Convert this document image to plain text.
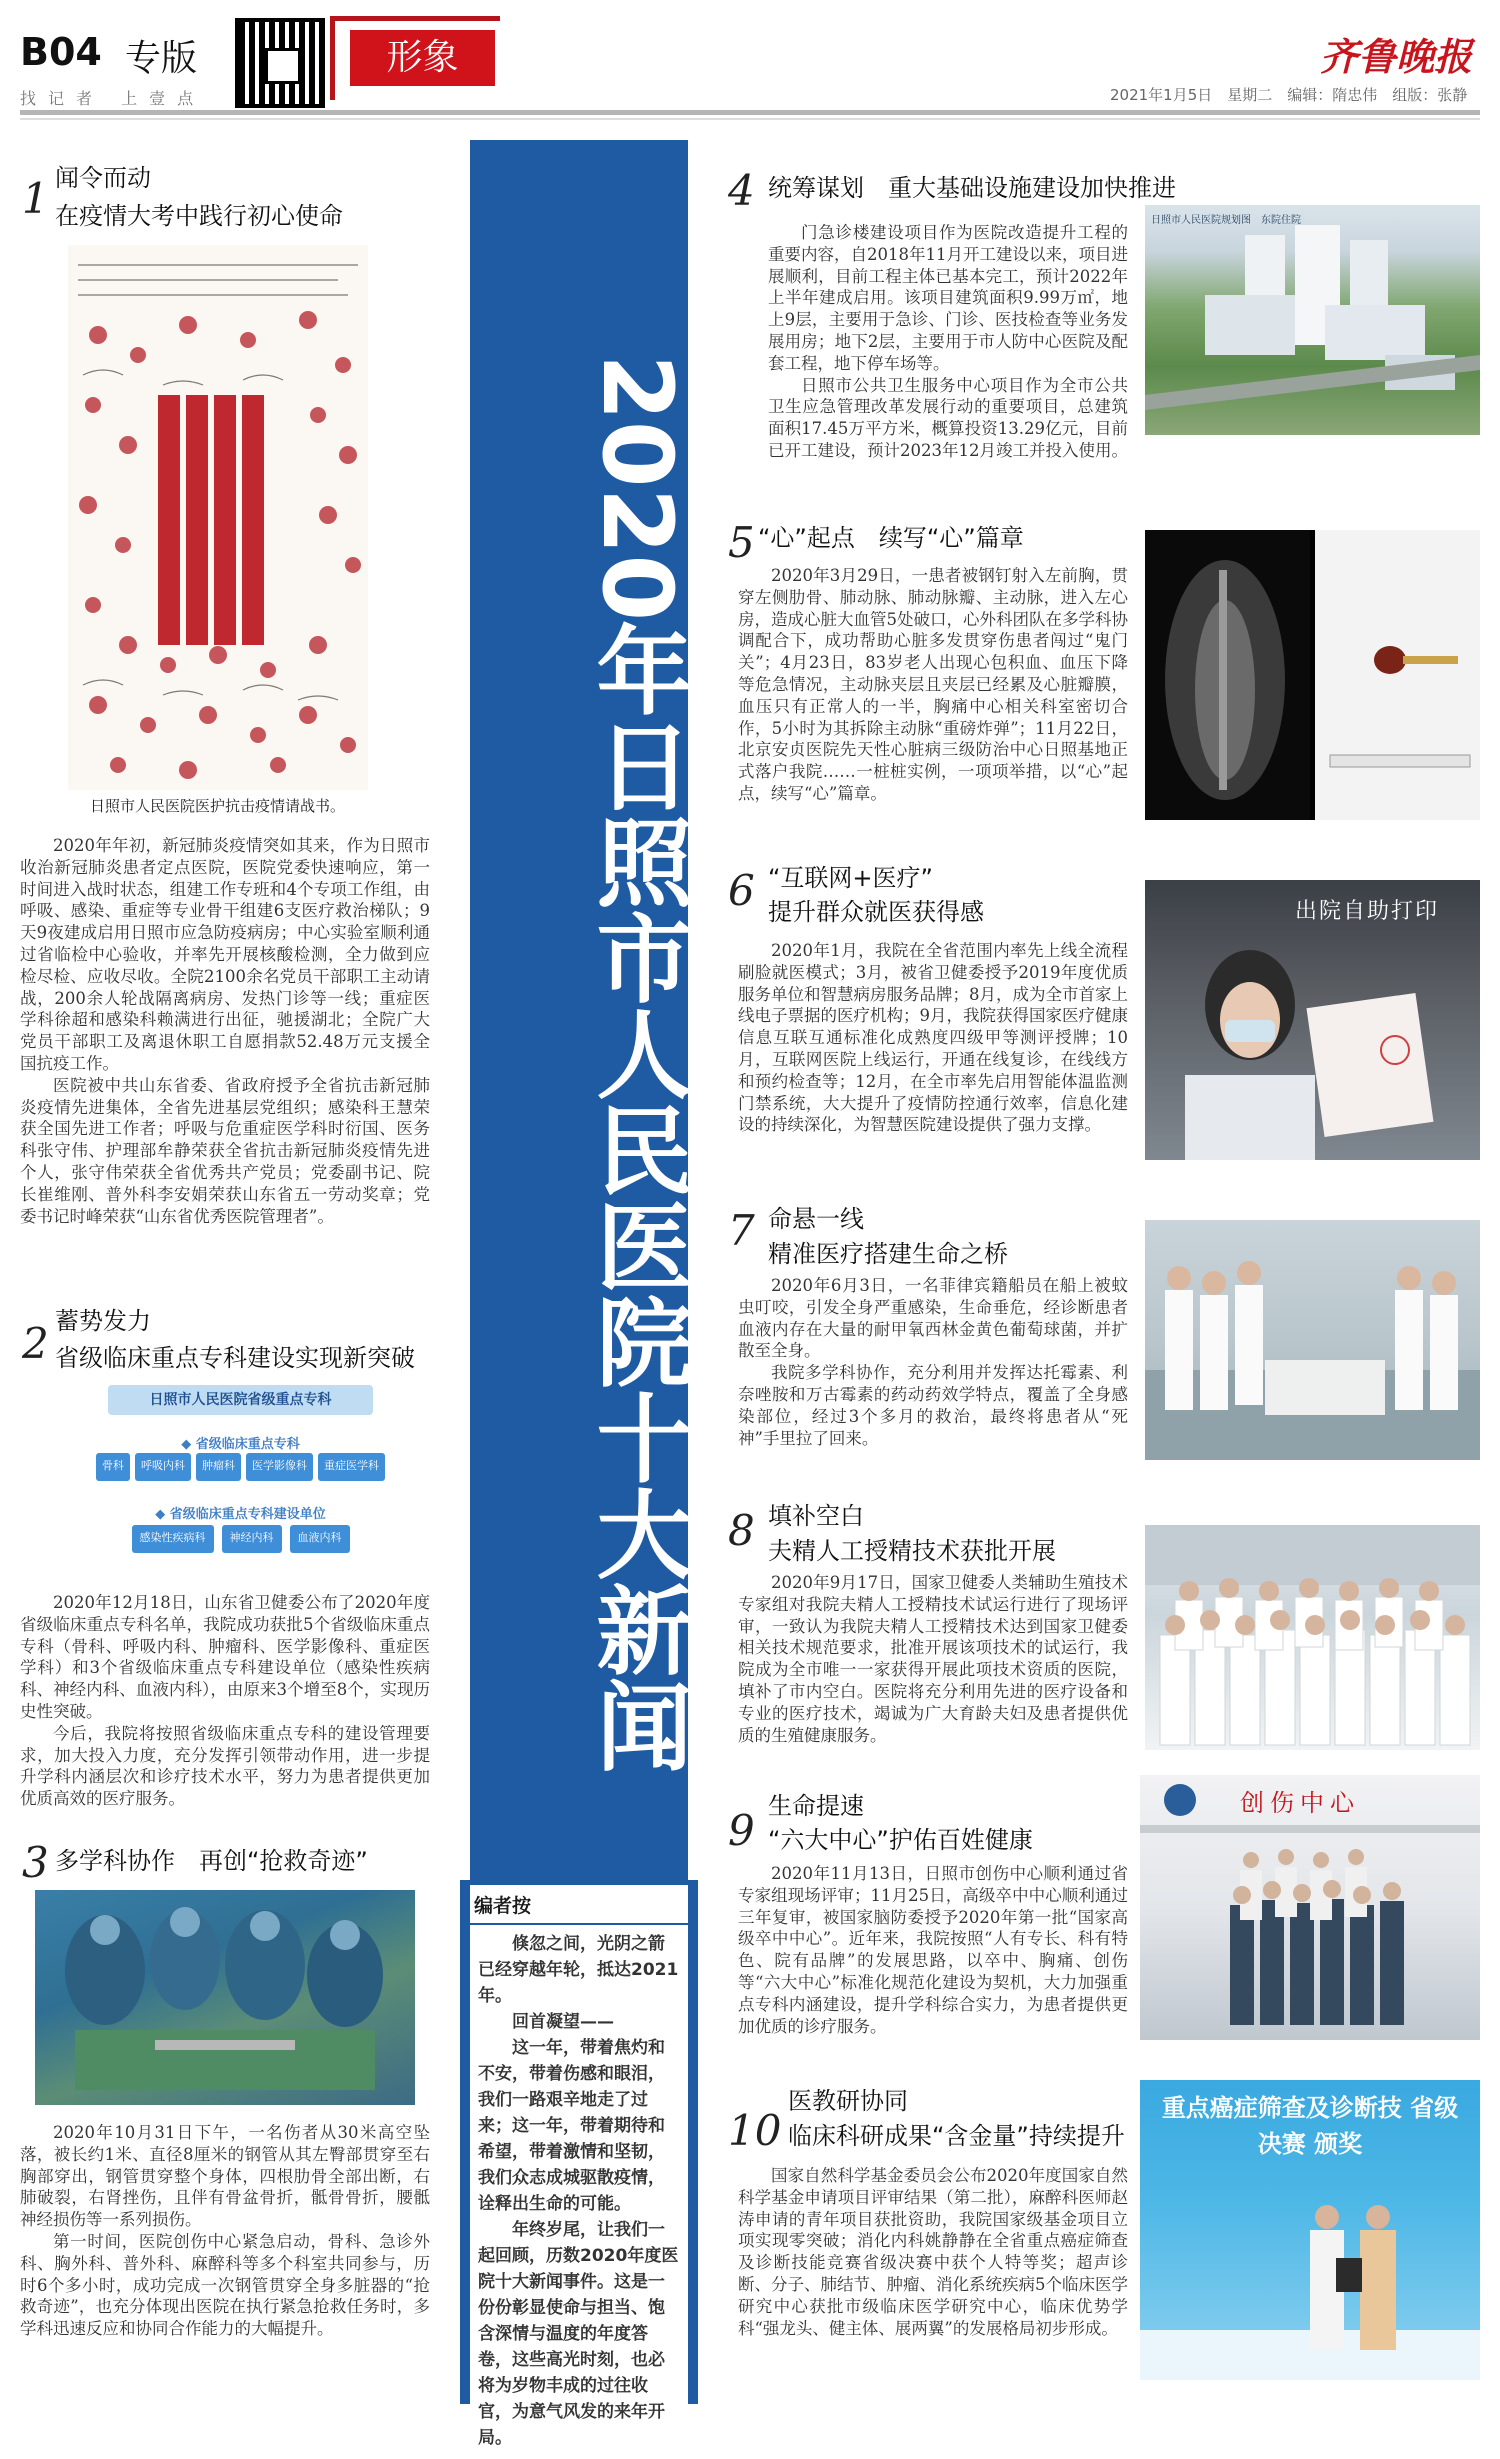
B04 专版
找记者 上壹点
形象	齐鲁晚报
2021年1月5日　星期二　编辑：隋忠伟　组版：张静
2020年日照市人民医院十大新闻
编者按

倏忽之间，光阴之箭已经穿越年轮，抵达2021年。

回首凝望——

这一年，带着焦灼和不安，带着伤感和眼泪，我们一路艰辛地走了过来；这一年，带着期待和希望，带着激情和坚韧，我们众志成城驱散疫情，诠释出生命的可能。

年终岁尾，让我们一起回顾，历数2020年度医院十大新闻事件。这是一份份彰显使命与担当、饱含深情与温度的年度答卷，这些高光时刻，也必将为岁物丰成的过往收官，为意气风发的来年开局。

1 闻令而动
在疫情大考中践行初心使命
日照市人民医院医护抗击疫情请战书。

2020年年初，新冠肺炎疫情突如其来，作为日照市收治新冠肺炎患者定点医院，医院党委快速响应，第一时间进入战时状态，组建工作专班和4个专项工作组，由呼吸、感染、重症等专业骨干组建6支医疗救治梯队；9天9夜建成启用日照市应急防疫病房；中心实验室顺利通过省临检中心验收，并率先开展核酸检测，全力做到应检尽检、应收尽收。全院2100余名党员干部职工主动请战，200余人轮战隔离病房、发热门诊等一线；重症医学科徐超和感染科赖满进行出征，驰援湖北；全院广大党员干部职工及离退休职工自愿捐款52.48万元支援全国抗疫工作。

医院被中共山东省委、省政府授予全省抗击新冠肺炎疫情先进集体，全省先进基层党组织；感染科王慧荣获全国先进工作者；呼吸与危重症医学科时衍国、医务科张守伟、护理部牟静荣获全省抗击新冠肺炎疫情先进个人，张守伟荣获全省优秀共产党员；党委副书记、院长崔维刚、普外科李安娟荣获山东省五一劳动奖章；党委书记时峰荣获“山东省优秀医院管理者”。

2 蓄势发力
省级临床重点专科建设实现新突破
日照市人民医院省级重点专科
◆ 省级临床重点专科
骨科	呼吸内科	肿瘤科	医学影像科	重症医学科
◆ 省级临床重点专科建设单位
感染性疾病科	神经内科	血液内科

2020年12月18日，山东省卫健委公布了2020年度省级临床重点专科名单，我院成功获批5个省级临床重点专科（骨科、呼吸内科、肿瘤科、医学影像科、重症医学科）和3个省级临床重点专科建设单位（感染性疾病科、神经内科、血液内科），由原来3个增至8个，实现历史性突破。

今后，我院将按照省级临床重点专科的建设管理要求，加大投入力度，充分发挥引领带动作用，进一步提升学科内涵层次和诊疗技术水平，努力为患者提供更加优质高效的医疗服务。

3 多学科协作　再创“抢救奇迹”

2020年10月31日下午，一名伤者从30米高空坠落，被长约1米、直径8厘米的钢管从其左臀部贯穿至右胸部穿出，钢管贯穿整个身体，四根肋骨全部出断，右肺破裂，右肾挫伤，且伴有骨盆骨折，骶骨骨折，腰骶神经损伤等一系列损伤。

第一时间，医院创伤中心紧急启动，骨科、急诊外科、胸外科、普外科、麻醉科等多个科室共同参与，历时6个多小时，成功完成一次钢管贯穿全身多脏器的“抢救奇迹”，也充分体现出医院在执行紧急抢救任务时，多学科迅速反应和协同合作能力的大幅提升。

4 统筹谋划　重大基础设施建设加快推进

门急诊楼建设项目作为医院改造提升工程的重要内容，自2018年11月开工建设以来，项目进展顺利，目前工程主体已基本完工，预计2022年上半年建成启用。该项目建筑面积9.99万㎡，地上9层，主要用于急诊、门诊、医技检查等业务发展用房；地下2层，主要用于市人防中心医院及配套工程，地下停车场等。

日照市公共卫生服务中心项目作为全市公共卫生应急管理改革发展行动的重要项目，总建筑面积17.45万平方米，概算投资13.29亿元，目前已开工建设，预计2023年12月竣工并投入使用。

日照市人民医院规划图　东院住院
5 “心”起点　续写“心”篇章

2020年3月29日，一患者被钢钉射入左前胸，贯穿左侧肋骨、肺动脉、肺动脉瓣、主动脉，进入左心房，造成心脏大血管5处破口，心外科团队在多学科协调配合下，成功帮助心脏多发贯穿伤患者闯过“鬼门关”；4月23日，83岁老人出现心包积血、血压下降等危急情况，主动脉夹层且夹层已经累及心脏瓣膜，血压只有正常人的一半，胸痛中心相关科室密切合作，5小时为其拆除主动脉“重磅炸弹”；11月22日，北京安贞医院先天性心脏病三级防治中心日照基地正式落户我院……一桩桩实例，一项项举措，以“心”起点，续写“心”篇章。

6 “互联网+医疗”
提升群众就医获得感

2020年1月，我院在全省范围内率先上线全流程刷脸就医模式；3月，被省卫健委授予2019年度优质服务单位和智慧病房服务品牌；8月，成为全市首家上线电子票据的医疗机构；9月，我院获得国家医疗健康信息互联互通标准化成熟度四级甲等测评授牌；10月，互联网医院上线运行，开通在线复诊，在线线方和预约检查等；12月，在全市率先启用智能体温监测门禁系统，大大提升了疫情防控通行效率，信息化建设的持续深化，为智慧医院建设提供了强力支撑。

出院自助打印
7 命悬一线
精准医疗搭建生命之桥

2020年6月3日，一名菲律宾籍船员在船上被蚊虫叮咬，引发全身严重感染，生命垂危，经诊断患者血液内存在大量的耐甲氧西林金黄色葡萄球菌，并扩散至全身。

我院多学科协作，充分利用并发挥达托霉素、利奈唑胺和万古霉素的药动药效学特点，覆盖了全身感染部位，经过3个多月的救治，最终将患者从“死神”手里拉了回来。

8 填补空白
夫精人工授精技术获批开展

2020年9月17日，国家卫健委人类辅助生殖技术专家组对我院夫精人工授精技术试运行进行了现场评审，一致认为我院夫精人工授精技术达到国家卫健委相关技术规范要求，批准开展该项技术的试运行，我院成为全市唯一一家获得开展此项技术资质的医院，填补了市内空白。医院将充分利用先进的医疗设备和专业的医疗技术，竭诚为广大育龄夫妇及患者提供优质的生殖健康服务。

9 生命提速
“六大中心”护佑百姓健康

2020年11月13日，日照市创伤中心顺利通过省专家组现场评审；11月25日，高级卒中中心顺利通过三年复审，被国家脑防委授予2020年第一批“国家高级卒中中心”。近年来，我院按照“人有专长、科有特色、院有品牌”的发展思路，以卒中、胸痛、创伤等“六大中心”标准化规范化建设为契机，大力加强重点专科内涵建设，提升学科综合实力，为患者提供更加优质的诊疗服务。

创伤中心
10
医教研协同
临床科研成果“含金量”持续提升

国家自然科学基金委员会公布2020年度国家自然科学基金申请项目评审结果（第二批），麻醉科医师赵涛申请的青年项目获批资助，我院国家级基金项目立项实现零突破；消化内科姚静静在全省重点癌症筛查及诊断技能竞赛省级决赛中获个人特等奖；超声诊断、分子、肺结节、肿瘤、消化系统疾病5个临床医学研究中心获批市级临床医学研究中心，临床优势学科“强龙头、健主体、展两翼”的发展格局初步形成。

重点癌症筛查及诊断技 省级决赛 颁奖
